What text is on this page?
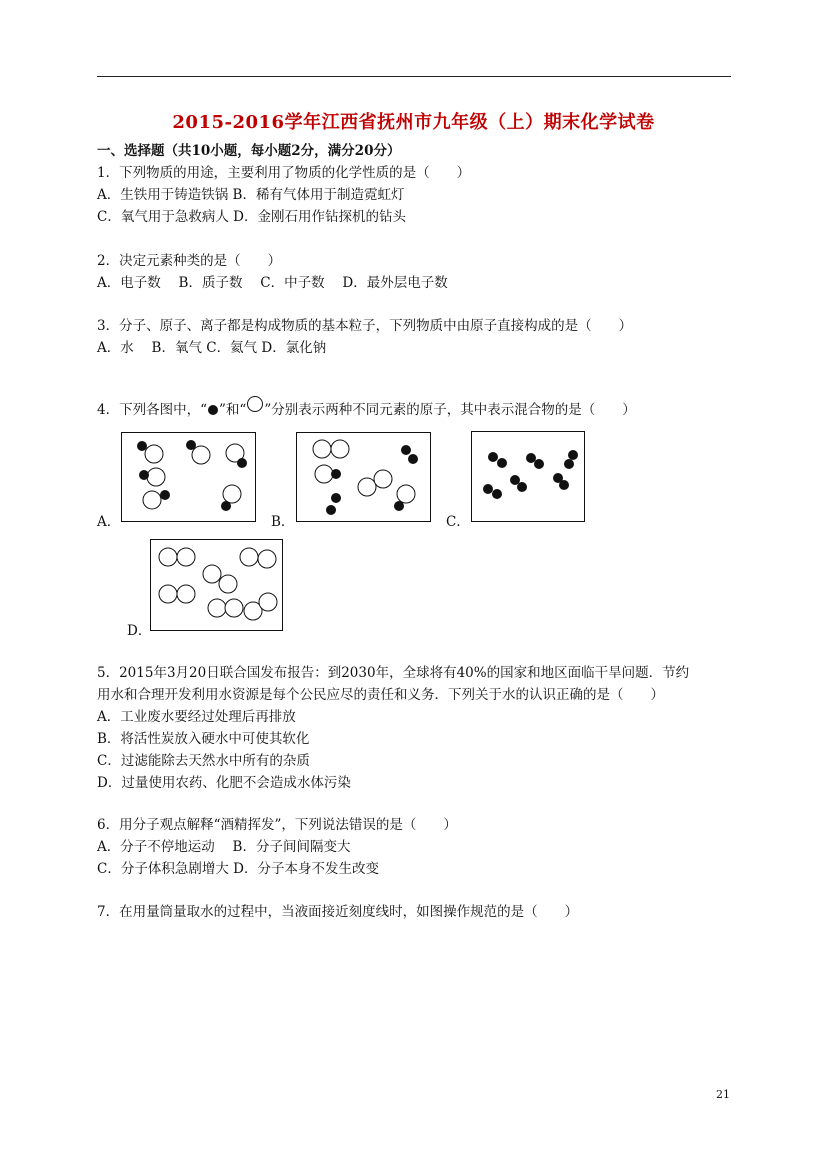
2015-2016学年江西省抚州市九年级（上）期末化学试卷
一、选择题（共10小题，每小题2分，满分20分）
1．下列物质的用途，主要利用了物质的化学性质的是（　　）
A．生铁用于铸造铁锅 B．稀有气体用于制造霓虹灯
C．氧气用于急救病人 D．金刚石用作钻探机的钻头
2．决定元素种类的是（　　）
A．电子数　 B．质子数　 C．中子数　 D．最外层电子数
3．分子、原子、离子都是构成物质的基本粒子，下列物质中由原子直接构成的是（　　）
A．水　 B．氧气 C．氦气 D．氯化钠
4．下列各图中，“ ”和“ ”分别表示两种不同元素的原子，其中表示混合物的是（　　）
A．	B．	C．
D．
5．2015年3月20日联合国发布报告：到2030年，全球将有40%的国家和地区面临干旱问题．节约
用水和合理开发利用水资源是每个公民应尽的责任和义务．下列关于水的认识正确的是（　　）
A．工业废水要经过处理后再排放
B．将活性炭放入硬水中可使其软化
C．过滤能除去天然水中所有的杂质
D．过量使用农药、化肥不会造成水体污染
6．用分子观点解释“酒精挥发”，下列说法错误的是（　　）
A．分子不停地运动　 B．分子间间隔变大
C．分子体积急剧增大 D．分子本身不发生改变
7．在用量筒量取水的过程中，当液面接近刻度线时，如图操作规范的是（　　）
21
